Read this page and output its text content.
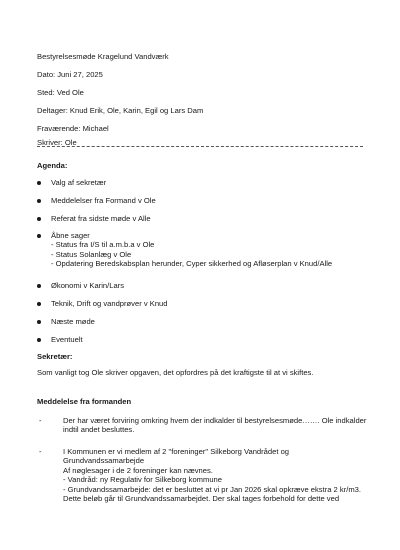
Bestyrelsesmøde Kragelund Vandværk
Dato: Juni 27, 2025
Sted: Ved Ole
Deltager: Knud Erik, Ole, Karin, Egil og Lars Dam
Fraværende: Michael
Skriver: Ole
Agenda:
Valg af sekretær
Meddelelser fra Formand v Ole
Referat fra sidste møde v Alle
Åbne sager
- Status fra I/S til a.m.b.a v Ole
- Status Solanlæg v Ole
- Opdatering Beredskabsplan herunder, Cyper sikkerhed og Afløserplan v Knud/Alle
Økonomi v Karin/Lars
Teknik, Drift og vandprøver v Knud
Næste møde
Eventuelt
Sekretær:
Som vanligt tog Ole skriver opgaven, det opfordres på det kraftigste til at vi skiftes.
Meddelelse fra formanden
-	Der har været forviring omkring hvem der indkalder til bestyrelsesmøde……. Ole indkalder
indtil andet besluttes.
-	I Kommunen er vi medlem af 2 "foreninger" Silkeborg Vandrådet og
Grundvandssamarbejde
Af nøglesager i de 2 foreninger kan nævnes.
- Vandråd: ny Regulativ for Silkeborg kommune
- Grundvandssamarbejde: det er besluttet at vi pr Jan 2026 skal opkræve ekstra 2 kr/m3.
Dette beløb går til Grundvandssamarbejdet. Der skal tages forbehold for dette ved
